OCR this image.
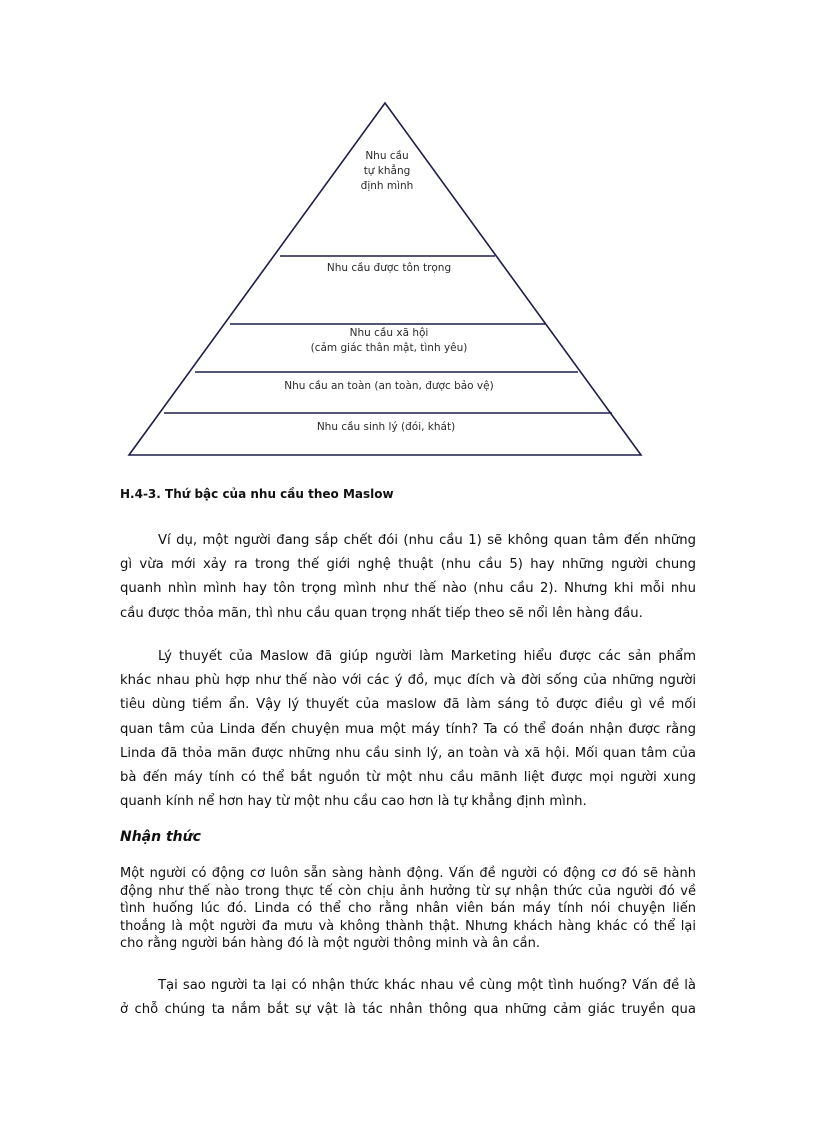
Nhu cầu
tự khẳng
định mình
Nhu cầu được tôn trọng
Nhu cầu xã hội
(cảm giác thân mật, tình yêu)
Nhu cầu an toàn (an toàn, được bảo vệ)
Nhu cầu sinh lý (đói, khát)
H.4-3. Thứ bậc của nhu cầu theo Maslow
Ví dụ, một người đang sắp chết đói (nhu cầu 1) sẽ không quan tâm đến những
gì vừa mới xảy ra trong thế giới nghệ thuật (nhu cầu 5) hay những người chung
quanh nhìn mình hay tôn trọng mình như thế nào (nhu cầu 2). Nhưng khi mỗi nhu
cầu được thỏa mãn, thì nhu cầu quan trọng nhất tiếp theo sẽ nổi lên hàng đầu.
Lý thuyết của Maslow đã giúp người làm Marketing hiểu được các sản phẩm
khác nhau phù hợp như thế nào với các ý đồ, mục đích và đời sống của những người
tiêu dùng tiềm ẩn. Vậy lý thuyết của maslow đã làm sáng tỏ được điều gì về mối
quan tâm của Linda đến chuyện mua một máy tính? Ta có thể đoán nhận được rằng
Linda đã thỏa mãn được những nhu cầu sinh lý, an toàn và xã hội. Mối quan tâm của
bà đến máy tính có thể bắt nguồn từ một nhu cầu mãnh liệt được mọi người xung
quanh kính nể hơn hay từ một nhu cầu cao hơn là tự khẳng định mình.
Nhận thức
Một người có động cơ luôn sẵn sàng hành động. Vấn đề người có động cơ đó sẽ hành
động như thế nào trong thực tế còn chịu ảnh hưởng từ sự nhận thức của người đó về
tình huống lúc đó. Linda có thể cho rằng nhân viên bán máy tính nói chuyện liến
thoắng là một người đa mưu và không thành thật. Nhưng khách hàng khác có thể lại
cho rằng người bán hàng đó là một người thông minh và ân cần.
Tại sao người ta lại có nhận thức khác nhau về cùng một tình huống? Vấn đề là
ở chỗ chúng ta nắm bắt sự vật là tác nhân thông qua những cảm giác truyền qua
